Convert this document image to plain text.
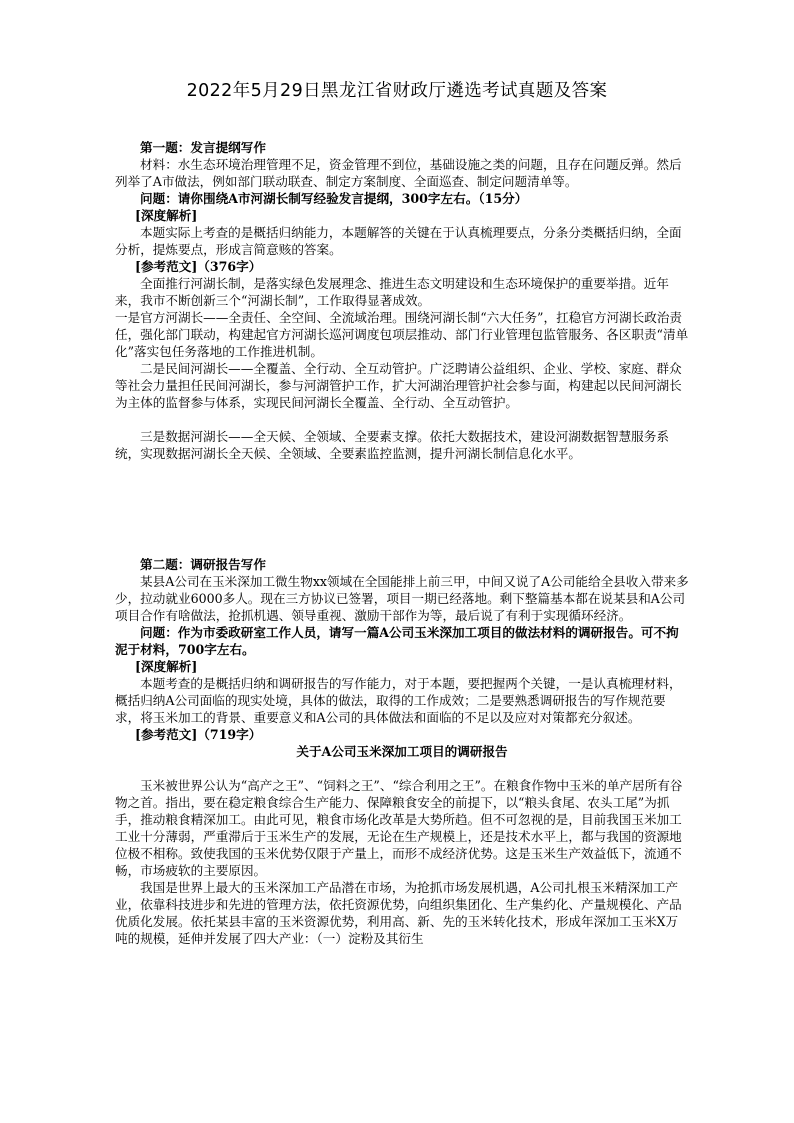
2022年5月29日黑龙江省财政厅遴选考试真题及答案

第一题：发言提纲写作

材料：水生态环境治理管理不足，资金管理不到位，基础设施之类的问题，且存在问题反弹。然后列举了A市做法，例如部门联动联查、制定方案制度、全面巡查、制定问题清单等。

问题：请你围绕A市河湖长制写经验发言提纲，300字左右。（15分）

[深度解析]

本题实际上考查的是概括归纳能力，本题解答的关键在于认真梳理要点，分条分类概括归纳，全面分析，提炼要点，形成言简意赅的答案。

[参考范文]（376字）

全面推行河湖长制，是落实绿色发展理念、推进生态文明建设和生态环境保护的重要举措。近年来，我市不断创新三个“河湖长制”，工作取得显著成效。

一是官方河湖长——全责任、全空间、全流域治理。围绕河湖长制“六大任务”，扛稳官方河湖长政治责任，强化部门联动，构建起官方河湖长巡河调度包项层推动、部门行业管理包监管服务、各区职责“清单化”落实包任务落地的工作推进机制。

二是民间河湖长——全覆盖、全行动、全互动管护。广泛聘请公益组织、企业、学校、家庭、群众等社会力量担任民间河湖长，参与河湖管护工作，扩大河湖治理管护社会参与面，构建起以民间河湖长为主体的监督参与体系，实现民间河湖长全覆盖、全行动、全互动管护。

三是数据河湖长——全天候、全领域、全要素支撑。依托大数据技术，建设河湖数据智慧服务系统，实现数据河湖长全天候、全领域、全要素监控监测，提升河湖长制信息化水平。

第二题：调研报告写作

某县A公司在玉米深加工微生物xx领域在全国能排上前三甲，中间又说了A公司能给全县收入带来多少，拉动就业6000多人。现在三方协议已签署，项目一期已经落地。剩下整篇基本都在说某县和A公司项目合作有啥做法，抢抓机遇、领导重视、激励干部作为等，最后说了有利于实现循环经济。

问题：作为市委政研室工作人员，请写一篇A公司玉米深加工项目的做法材料的调研报告。可不拘泥于材料，700字左右。

[深度解析]

本题考查的是概括归纳和调研报告的写作能力，对于本题，要把握两个关键，一是认真梳理材料，概括归纳A公司面临的现实处境，具体的做法，取得的工作成效；二是要熟悉调研报告的写作规范要求，将玉米加工的背景、重要意义和A公司的具体做法和面临的不足以及应对对策都充分叙述。

[参考范文]（719字）

关于A公司玉米深加工项目的调研报告

玉米被世界公认为“高产之王”、“饲料之王”、“综合利用之王”。在粮食作物中玉米的单产居所有谷物之首。指出，要在稳定粮食综合生产能力、保障粮食安全的前提下，以“粮头食尾、农头工尾”为抓手，推动粮食精深加工。由此可见，粮食市场化改革是大势所趋。但不可忽视的是，目前我国玉米加工工业十分薄弱，严重滞后于玉米生产的发展，无论在生产规模上，还是技术水平上，都与我国的资源地位极不相称。致使我国的玉米优势仅限于产量上，而形不成经济优势。这是玉米生产效益低下，流通不畅，市场疲软的主要原因。

我国是世界上最大的玉米深加工产品潜在市场，为抢抓市场发展机遇，A公司扎根玉米精深加工产业，依靠科技进步和先进的管理方法，依托资源优势，向组织集团化、生产集约化、产量规模化、产品优质化发展。依托某县丰富的玉米资源优势，利用高、新、先的玉米转化技术，形成年深加工玉米X万吨的规模，延伸并发展了四大产业：（一）淀粉及其衍生
